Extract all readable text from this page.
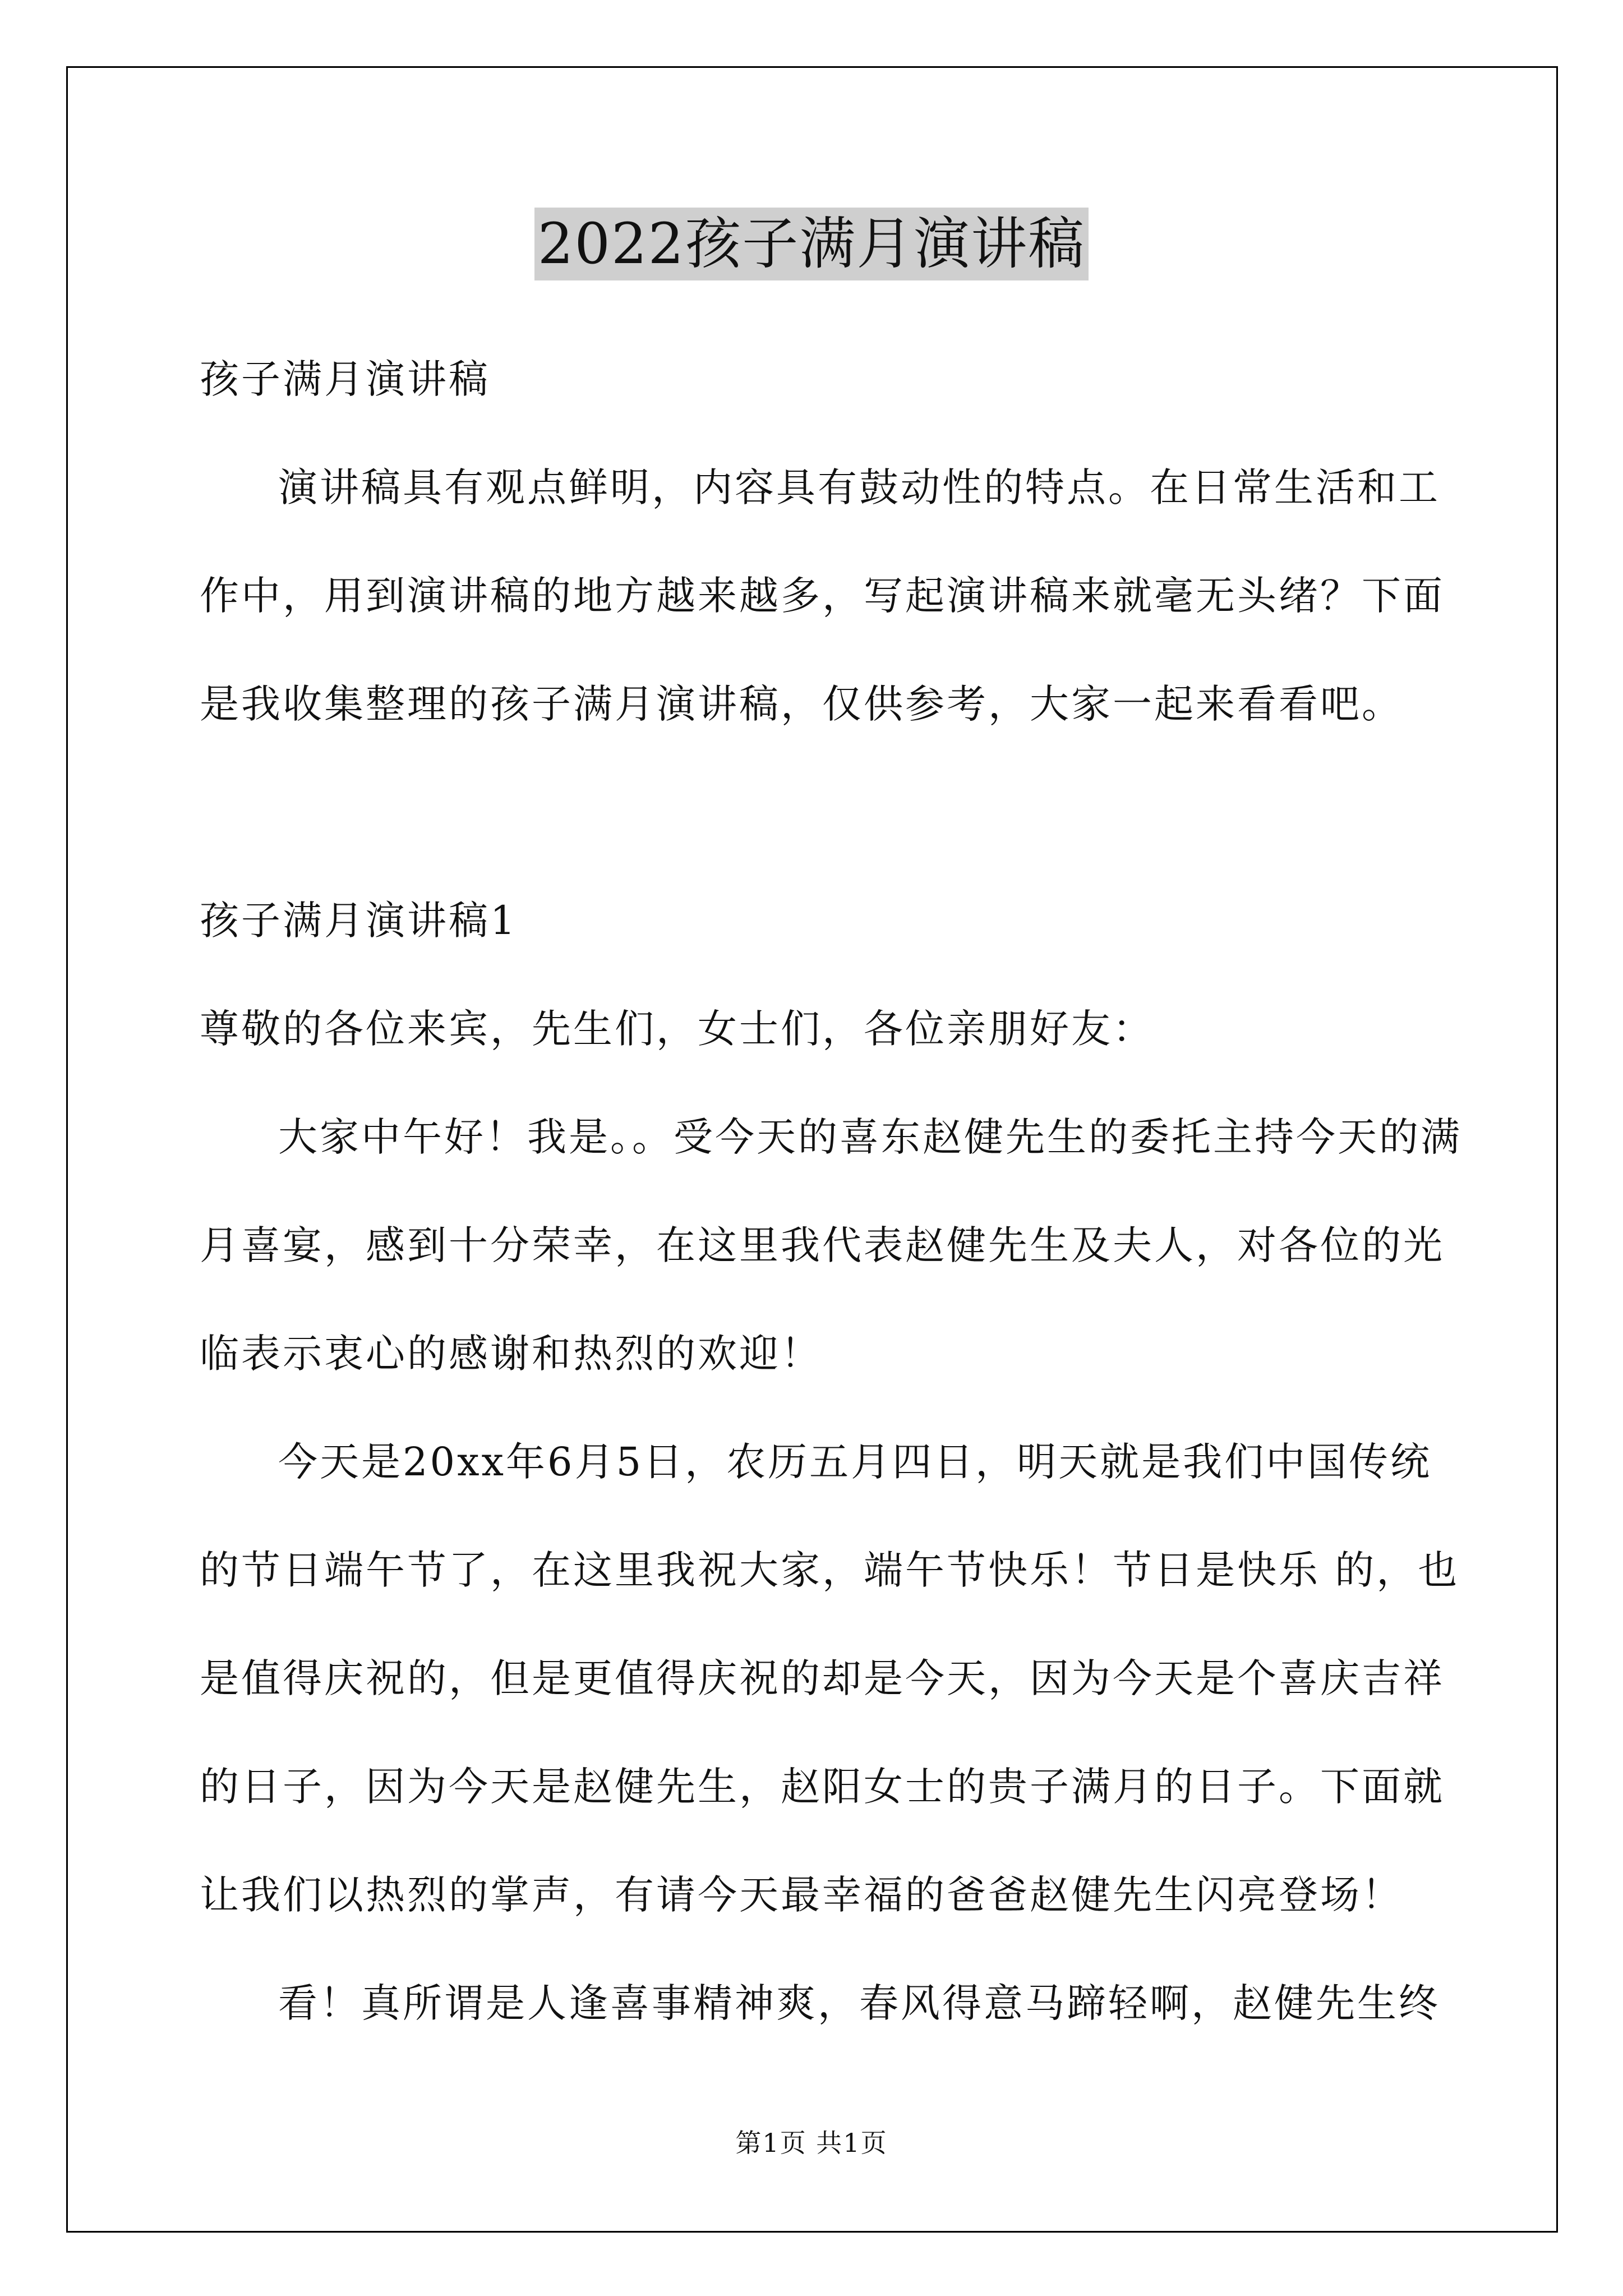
2022孩子满月演讲稿
孩子满月演讲稿
演讲稿具有观点鲜明，内容具有鼓动性的特点。在日常生活和工
作中，用到演讲稿的地方越来越多，写起演讲稿来就毫无头绪？下面
是我收集整理的孩子满月演讲稿，仅供参考，大家一起来看看吧。
孩子满月演讲稿1
尊敬的各位来宾，先生们，女士们，各位亲朋好友：
大家中午好！我是。。受今天的喜东赵健先生的委托主持今天的满
月喜宴，感到十分荣幸，在这里我代表赵健先生及夫人，对各位的光
临表示衷心的感谢和热烈的欢迎！
今天是20xx年6月5日，农历五月四日，明天就是我们中国传统
的节日端午节了，在这里我祝大家，端午节快乐！节日是快乐 的，也
是值得庆祝的，但是更值得庆祝的却是今天，因为今天是个喜庆吉祥
的日子，因为今天是赵健先生，赵阳女士的贵子满月的日子。下面就
让我们以热烈的掌声，有请今天最幸福的爸爸赵健先生闪亮登场！
看！真所谓是人逢喜事精神爽，春风得意马蹄轻啊，赵健先生终
第1页 共1页
